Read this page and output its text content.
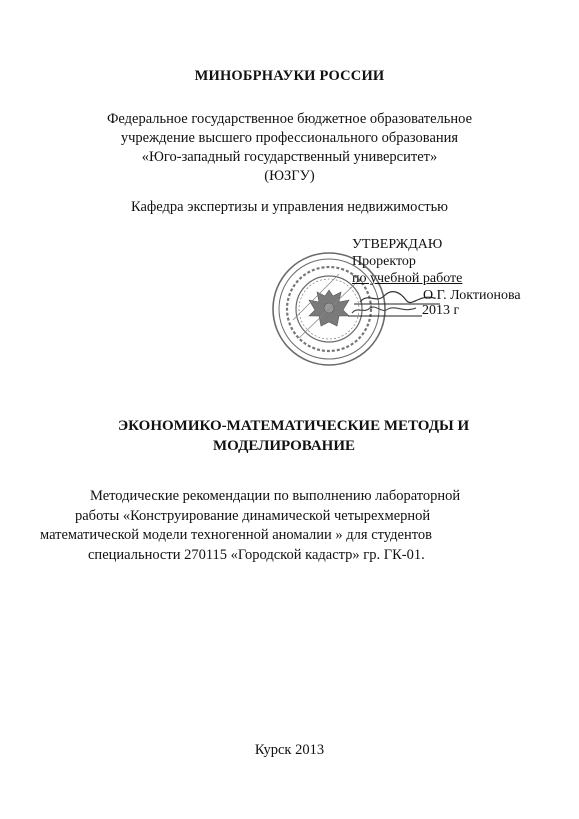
МИНОБРНАУКИ РОССИИ
Федеральное государственное бюджетное образовательное
учреждение высшего профессионального образования
«Юго-западный государственный университет»
(ЮЗГУ)
Кафедра экспертизы и управления недвижимостью
УТВЕРЖДАЮ
Проректор
по учебной работе
О.Г. Локтионова
2013 г
ЭКОНОМИКО-МАТЕМАТИЧЕСКИЕ МЕТОДЫ И
МОДЕЛИРОВАНИЕ
Методические рекомендации по выполнению лабораторной
работы «Конструирование динамической четырехмерной
математической модели техногенной аномалии » для студентов
специальности 270115 «Городской кадастр» гр. ГК-01.
Курск 2013
